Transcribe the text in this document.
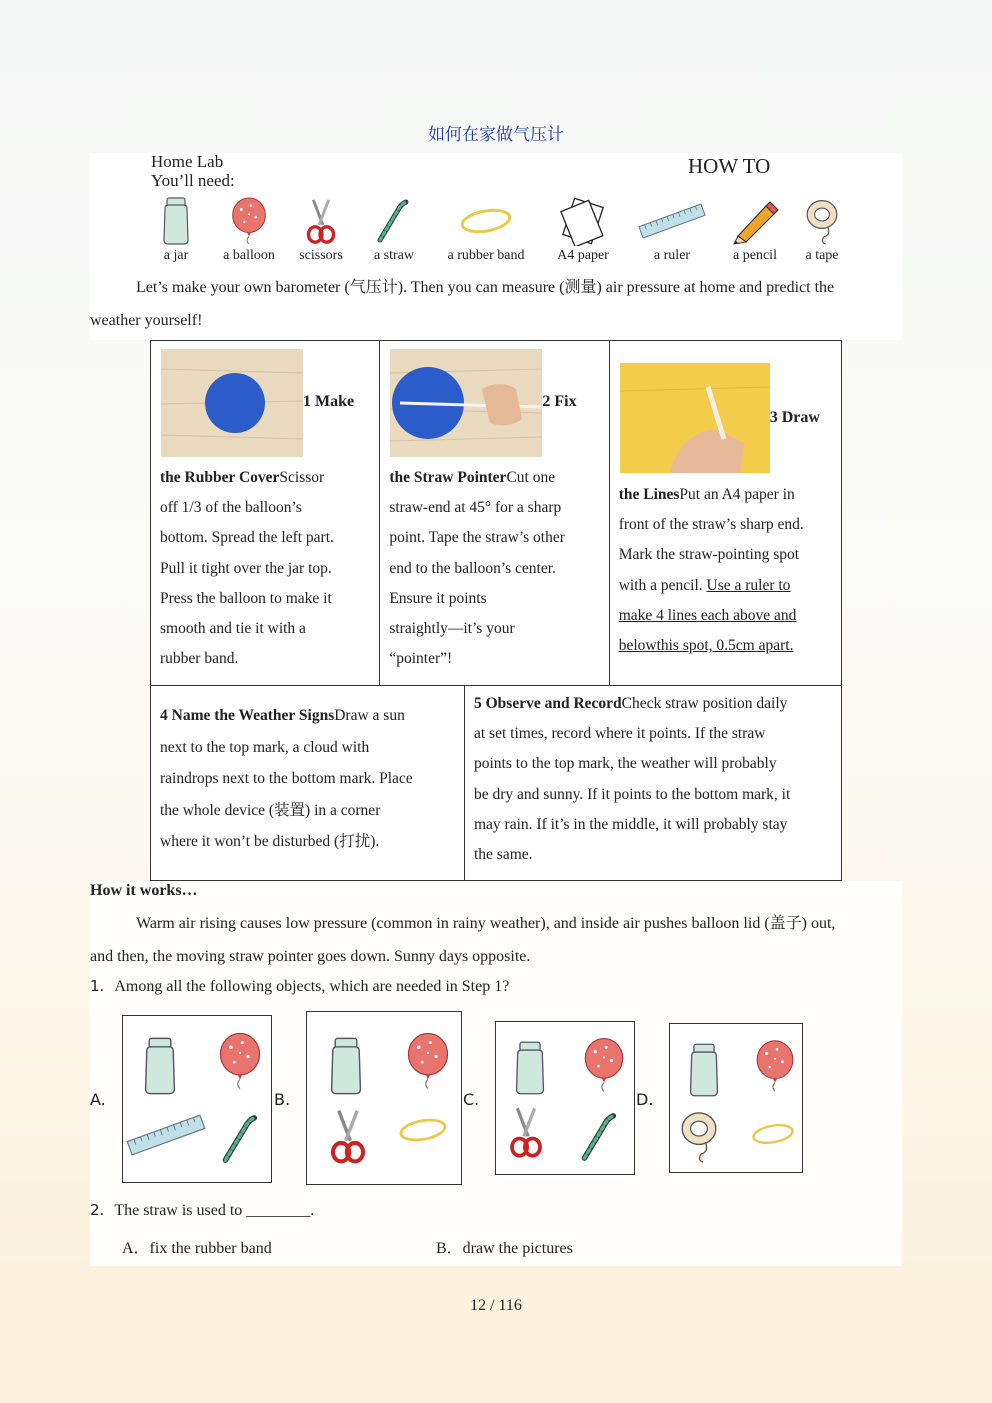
如何在家做气压计
Home Lab
You’ll need:
HOW TO
a jar	a balloon	scissors	a straw	a rubber band	A4 paper	a ruler	a pencil	a tape
Let’s make your own barometer (气压计). Then you can measure (测量) air pressure at home and predict the
weather yourself!
1 Make
the Rubber CoverScissor
off 1/3 of the balloon’s
bottom. Spread the left part.
Pull it tight over the jar top.
Press the balloon to make it
smooth and tie it with a
rubber band.

2 Fix
the Straw PointerCut one
straw-end at 45° for a sharp
point. Tape the straw’s other
end to the balloon’s center.
Ensure it points
straightly—it’s your
“pointer”!

3 Draw
the LinesPut an A4 paper in
front of the straw’s sharp end.
Mark the straw-pointing spot
with a pencil. Use a ruler to
make 4 lines each above and
belowthis spot, 0.5cm apart.
4 Name the Weather SignsDraw a sun
next to the top mark, a cloud with
raindrops next to the bottom mark. Place
the whole device (装置) in a corner
where it won’t be disturbed (打扰).

5 Observe and RecordCheck straw position daily
at set times, record where it points. If the straw
points to the top mark, the weather will probably
be dry and sunny. If it points to the bottom mark, it
may rain. If it’s in the middle, it will probably stay
the same.
How it works…
Warm air rising causes low pressure (common in rainy weather), and inside air pushes balloon lid (盖子) out,
and then, the moving straw pointer goes down. Sunny days opposite.
1. Among all the following objects, which are needed in Step 1?
A.	B.	C.	D.
2. The straw is used to ________.
A．fix the rubber band	B．draw the pictures
12 / 116
